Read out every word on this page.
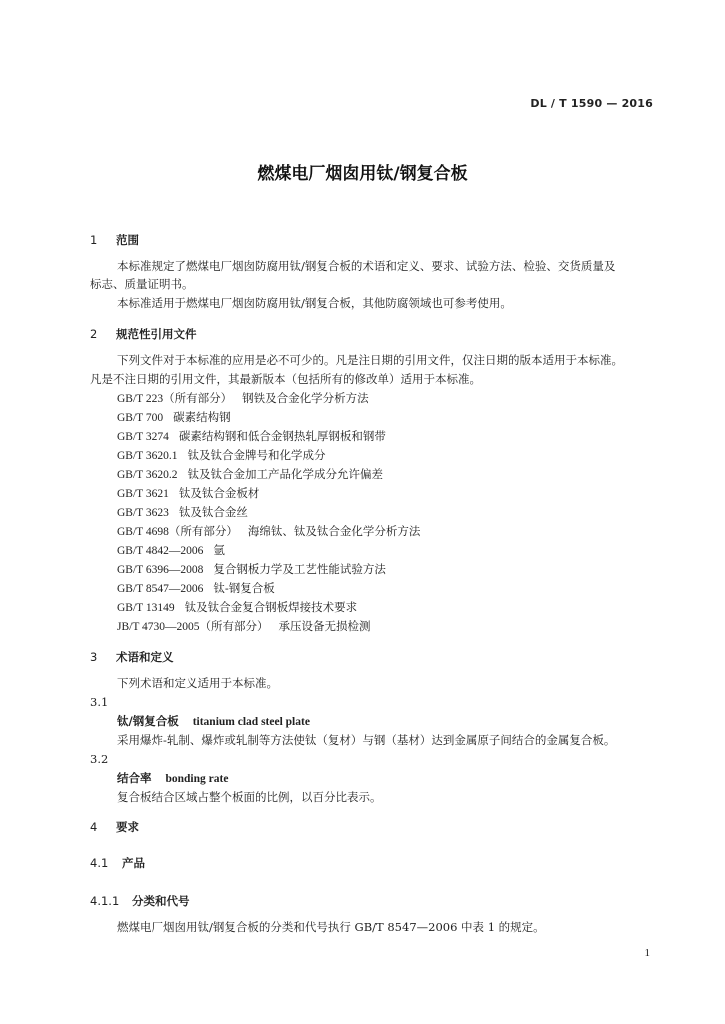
DL / T 1590 — 2016
燃煤电厂烟囱用钛/钢复合板
1 范围
本标准规定了燃煤电厂烟囱防腐用钛/钢复合板的术语和定义、要求、试验方法、检验、交货质量及
标志、质量证明书。
本标准适用于燃煤电厂烟囱防腐用钛/钢复合板，其他防腐领域也可参考使用。
2 规范性引用文件
下列文件对于本标准的应用是必不可少的。凡是注日期的引用文件，仅注日期的版本适用于本标准。
凡是不注日期的引用文件，其最新版本（包括所有的修改单）适用于本标准。
GB/T 223（所有部分） 钢铁及合金化学分析方法
GB/T 700 碳素结构钢
GB/T 3274 碳素结构钢和低合金钢热轧厚钢板和钢带
GB/T 3620.1 钛及钛合金牌号和化学成分
GB/T 3620.2 钛及钛合金加工产品化学成分允许偏差
GB/T 3621 钛及钛合金板材
GB/T 3623 钛及钛合金丝
GB/T 4698（所有部分） 海绵钛、钛及钛合金化学分析方法
GB/T 4842—2006 氩
GB/T 6396—2008 复合钢板力学及工艺性能试验方法
GB/T 8547—2006 钛-钢复合板
GB/T 13149 钛及钛合金复合钢板焊接技术要求
JB/T 4730—2005（所有部分） 承压设备无损检测
3 术语和定义
下列术语和定义适用于本标准。
3.1
钛/钢复合板 titanium clad steel plate
采用爆炸-轧制、爆炸或轧制等方法使钛（复材）与钢（基材）达到金属原子间结合的金属复合板。
3.2
结合率 bonding rate
复合板结合区域占整个板面的比例，以百分比表示。
4 要求
4.1 产品
4.1.1 分类和代号
燃煤电厂烟囱用钛/钢复合板的分类和代号执行 GB/T 8547—2006 中表 1 的规定。
1
